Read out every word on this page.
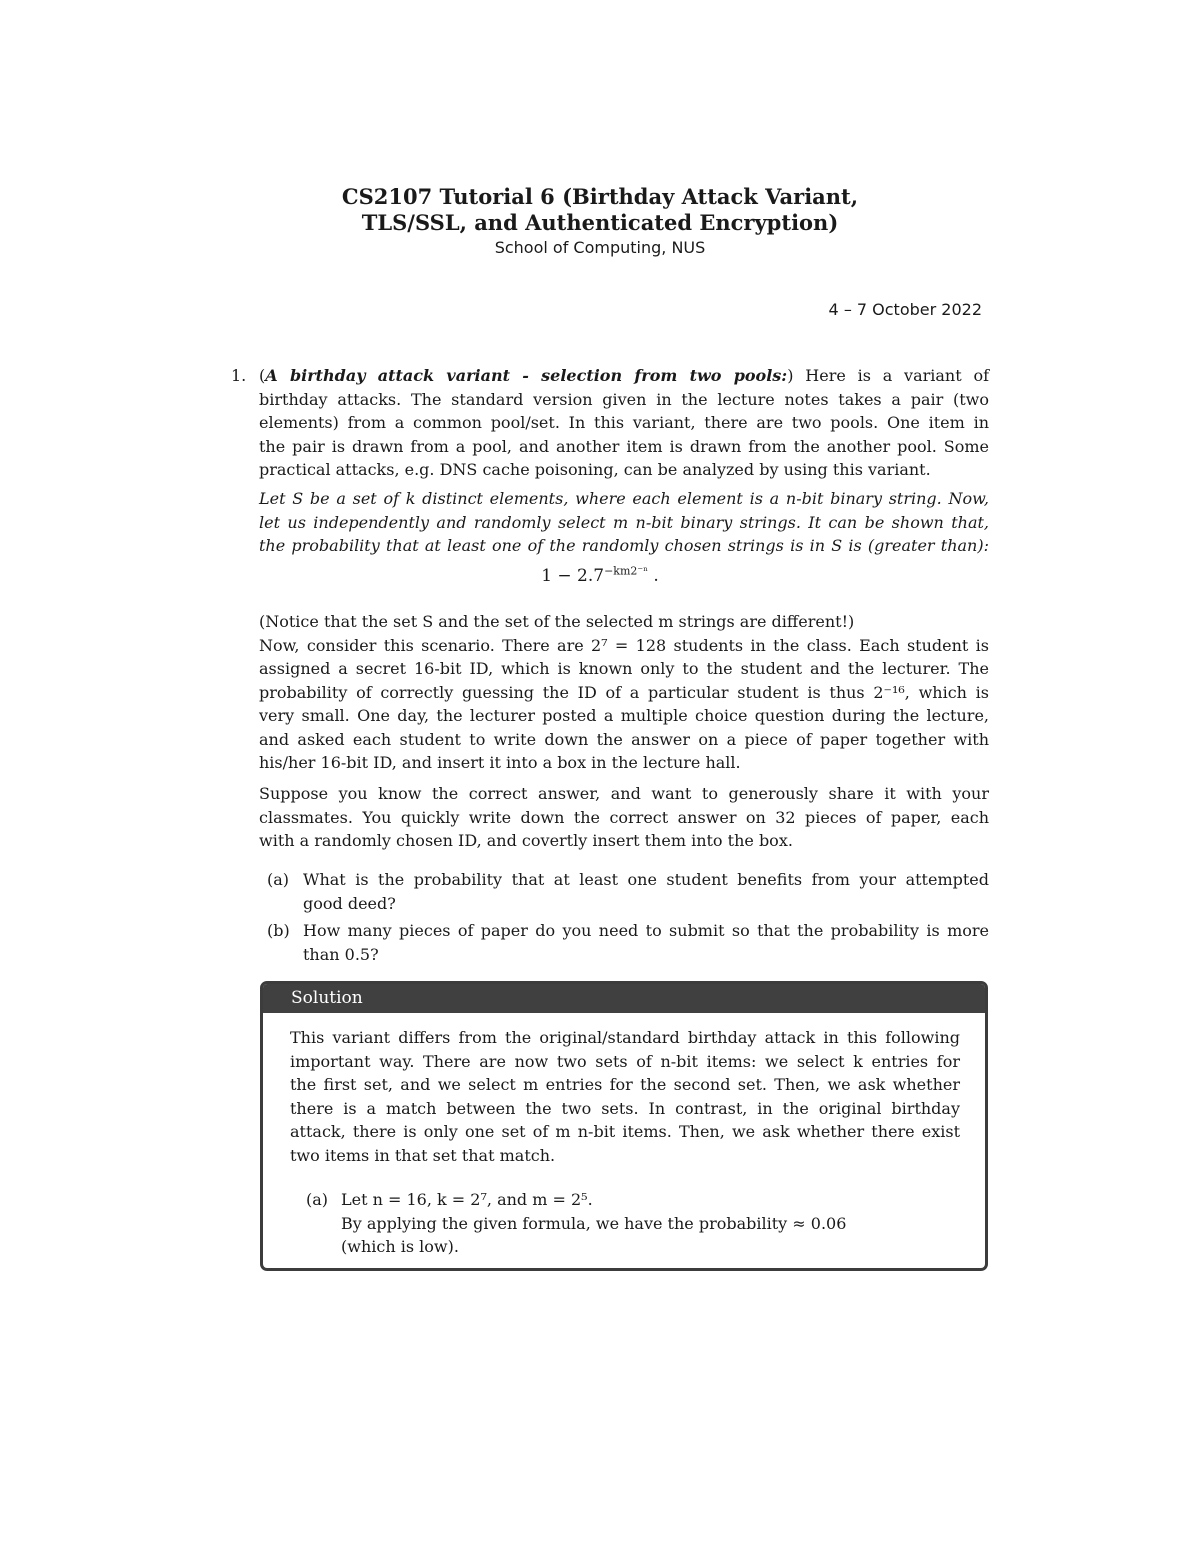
CS2107 Tutorial 6 (Birthday Attack Variant,
TLS/SSL, and Authenticated Encryption)
School of Computing, NUS
4 – 7 October 2022
1. (A birthday attack variant - selection from two pools:) Here is a variant of
birthday attacks. The standard version given in the lecture notes takes a pair (two
elements) from a common pool/set. In this variant, there are two pools. One item in
the pair is drawn from a pool, and another item is drawn from the another pool. Some
practical attacks, e.g. DNS cache poisoning, can be analyzed by using this variant.
Let S be a set of k distinct elements, where each element is a n-bit binary string. Now,
let us independently and randomly select m n-bit binary strings. It can be shown that,
the probability that at least one of the randomly chosen strings is in S is (greater than):
$1 - 2.7^{-km2^{-n}}$ .
(Notice that the set S and the set of the selected m strings are different!)
Now, consider this scenario. There are 2⁷ = 128 students in the class. Each student is
assigned a secret 16-bit ID, which is known only to the student and the lecturer. The
probability of correctly guessing the ID of a particular student is thus 2⁻¹⁶, which is
very small. One day, the lecturer posted a multiple choice question during the lecture,
and asked each student to write down the answer on a piece of paper together with
his/her 16-bit ID, and insert it into a box in the lecture hall.
Suppose you know the correct answer, and want to generously share it with your
classmates. You quickly write down the correct answer on 32 pieces of paper, each
with a randomly chosen ID, and covertly insert them into the box.
(a) What is the probability that at least one student benefits from your attempted
good deed?
(b) How many pieces of paper do you need to submit so that the probability is more
than 0.5?
Solution
This variant differs from the original/standard birthday attack in this following
important way. There are now two sets of n-bit items: we select k entries for
the first set, and we select m entries for the second set. Then, we ask whether
there is a match between the two sets. In contrast, in the original birthday
attack, there is only one set of m n-bit items. Then, we ask whether there exist
two items in that set that match.
(a) Let n = 16, k = 2⁷, and m = 2⁵.
By applying the given formula, we have the probability ≈ 0.06
(which is low).
